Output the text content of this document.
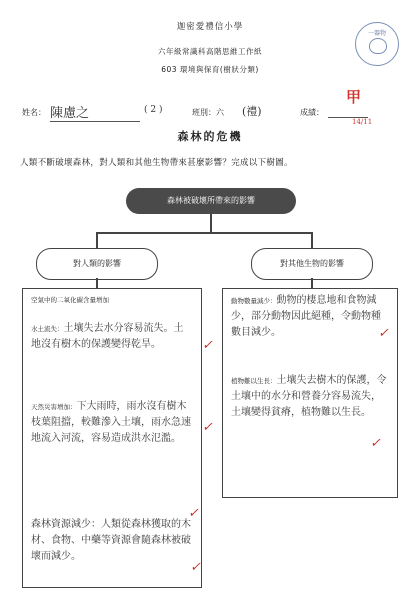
迦密愛禮信小學
六年級常識科高階思維工作紙
603 環境與保育(樹狀分類)
一器物
姓名： 陳慮之	( 2 )	班別：六 (禮)	成績：
甲
14/11
森林的危機
人類不斷破壞森林，對人類和其他生物帶來甚麼影響？完成以下樹圖。
森林被破壞所帶來的影響
對人類的影響	對其他生物的影響
空氣中的二氧化碳含量增加
水土流失：土壤失去水分容易流失。土地沒有樹木的保護變得乾旱。
天然災害增加：下大雨時，雨水沒有樹木枝葉阻擋，較難滲入土壤，雨水急速地流入河流，容易造成洪水氾濫。
森林資源減少：人類從森林獲取的木材、食物、中藥等資源會隨森林被破壞而減少。
動物數量減少：動物的棲息地和食物減少，部分動物因此絕種，令動物種數目減少。
植物難以生長：土壤失去樹木的保護，令土壤中的水分和營養分容易流失，土壤變得貧瘠，植物難以生長。
✓
✓
✓
✓
✓
✓
